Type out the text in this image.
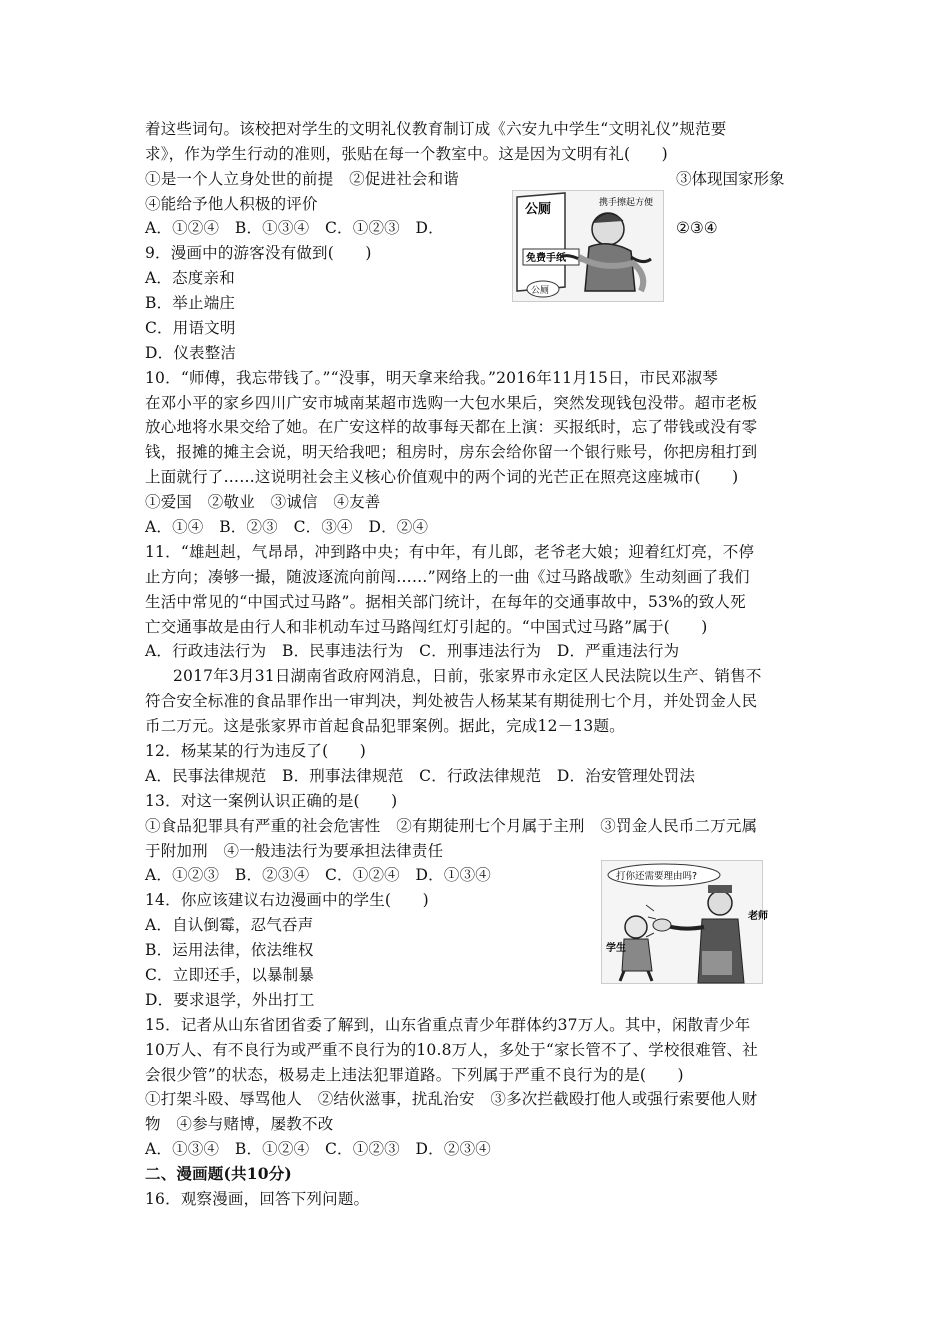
着这些词句。该校把对学生的文明礼仪教育制订成《六安九中学生“文明礼仪”规范要
求》，作为学生行动的准则，张贴在每一个教室中。这是因为文明有礼(　　)
①是一个人立身处世的前提　②促进社会和谐	③体现国家形象
④能给予他人积极的评价
A．①②④　B．①③④　C．①②③　D．	②③④
9．漫画中的游客没有做到(　　)
A．态度亲和
B．举止端庄
C．用语文明
D．仪表整洁
10．“师傅，我忘带钱了。”“没事，明天拿来给我。”2016年11月15日，市民邓淑琴
在邓小平的家乡四川广安市城南某超市选购一大包水果后，突然发现钱包没带。超市老板
放心地将水果交给了她。在广安这样的故事每天都在上演：买报纸时，忘了带钱或没有零
钱，报摊的摊主会说，明天给我吧；租房时，房东会给你留一个银行账号，你把房租打到
上面就行了……这说明社会主义核心价值观中的两个词的光芒正在照亮这座城市(　　)
①爱国　②敬业　③诚信　④友善
A．①④　B．②③　C．③④　D．②④
11．“雄赳赳，气昂昂，冲到路中央；有中年，有儿郎，老爷老大娘；迎着红灯亮，不停
止方向；凑够一撮，随波逐流向前闯……”网络上的一曲《过马路战歌》生动刻画了我们
生活中常见的“中国式过马路”。据相关部门统计，在每年的交通事故中，53%的致人死
亡交通事故是由行人和非机动车过马路闯红灯引起的。“中国式过马路”属于(　　)
A．行政违法行为　B．民事违法行为　C．刑事违法行为　D．严重违法行为
2017年3月31日湖南省政府网消息，日前，张家界市永定区人民法院以生产、销售不
符合安全标准的食品罪作出一审判决，判处被告人杨某某有期徒刑七个月，并处罚金人民
币二万元。这是张家界市首起食品犯罪案例。据此，完成12－13题。
12．杨某某的行为违反了(　　)
A．民事法律规范　B．刑事法律规范　C．行政法律规范　D．治安管理处罚法
13．对这一案例认识正确的是(　　)
①食品犯罪具有严重的社会危害性　②有期徒刑七个月属于主刑　③罚金人民币二万元属
于附加刑　④一般违法行为要承担法律责任
A．①②③　B．②③④　C．①②④　D．①③④
14．你应该建议右边漫画中的学生(　　)
A．自认倒霉，忍气吞声
B．运用法律，依法维权
C．立即还手，以暴制暴
D．要求退学，外出打工
15．记者从山东省团省委了解到，山东省重点青少年群体约37万人。其中，闲散青少年
10万人、有不良行为或严重不良行为的10.8万人，多处于“家长管不了、学校很难管、社
会很少管”的状态，极易走上违法犯罪道路。下列属于严重不良行为的是(　　)
①打架斗殴、辱骂他人　②结伙滋事，扰乱治安　③多次拦截殴打他人或强行索要他人财
物　④参与赌博，屡教不改
A．①③④　B．①②④　C．①②③　D．②③④
二、漫画题(共10分)
16．观察漫画，回答下列问题。
公厕
免费手纸
携手擦起方便
公厕
打你还需要理由吗?
老师
学生
